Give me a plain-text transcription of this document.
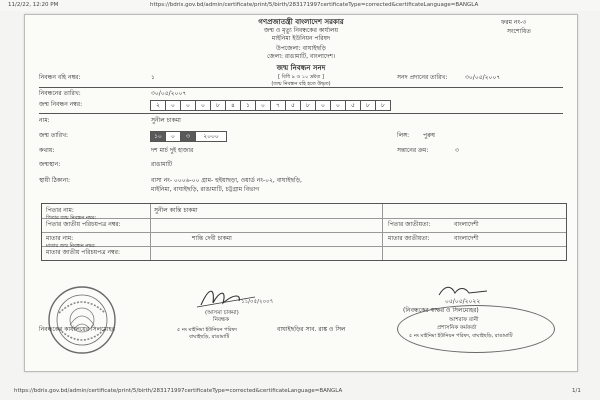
11/2/22, 12:20 PM	https://bdris.gov.bd/admin/certificate/print/5/birth/283171997certificateType=corrected&certificateLanguage=BANGLA
গণপ্রজাতন্ত্রী বাংলাদেশ সরকার
জন্ম ও মৃত্যু নিবন্ধকের কার্যালয়
মাইনিমা ইউনিয়ন পরিষদ
উপজেলা: বাঘাইছড়ি
জেলা: রাঙামাটি, বাংলাদেশ।
ফরম নং-৩
সংশোধিত
জন্ম নিবন্ধন সনদ
[ বিধি ৯ ও ১০ দ্রষ্টব্য ]
(জন্ম নিবন্ধন বহি হতে উদ্ধৃত)
নিবন্ধন বহি নম্বর:	১	সনদ প্রদানের তারিখ:	৩০/০৫/২০০৭
নিবন্ধনের তারিখ:	৩০/০৫/২০০৭
জন্ম নিবন্ধন নম্বর:	২	০	০	০	৮	৪	১	০	৭	৫	৮	০	০	৫	৮	৮
নাম:	সুনীল চাকমা
জন্ম তারিখ:	১০	০	৩	২০০০	লিঙ্গ: পুরুষ
কথায়:	দশ মার্চ দুই হাজার	সন্তানের ক্রম:	৩
জন্মস্থান:	রাঙামাটি
স্থায়ী ঠিকানা:	বাসা নং- ০০০৬-০০ গ্রাম- হুইয়াছড়া, ওয়ার্ড নং-০২, বাঘাইছড়ি,
মাইনিমা, বাঘাইছড়ি, রাঙামাটি, চট্টগ্রাম বিভাগ
পিতার নাম:	সুনীল কান্তি চাকমা
পিতার জন্ম নিবন্ধন নম্বর:
পিতার জাতীয় পরিচয়পত্র নম্বর:	পিতার জাতীয়তা:	বাংলাদেশী
মাতার নাম:	শান্তি দেবী চাকমা
মাতার জন্ম নিবন্ধন নম্বর:
মাতার জাতীয় পরিচয়পত্র নম্বর:
মাতার জাতীয়তা:	বাংলাদেশী
১১/০৫/২০০৭
(আসমা চাকমা)
নিবন্ধক
নিবন্ধকের কার্যালয়ের সিলমোহর	৫ নং মাইনিমা ইউনিয়ন পরিষদ
বাঘাইছড়ি, রাঙামাটি
বাঘাইছড়ির সাব. রাঙ্ক ও সিল
০৫/০৫/২০২২
(নিবন্ধকের স্বাক্ষর ও সিলমোহর)
আশরাফ রানী
প্রশাসনিক কর্মকর্তা
৫ নং মাইনিমা ইউনিয়ন পরিষদ, বাঘাইছড়ি, রাঙামাটি
https://bdris.gov.bd/admin/certificate/print/5/birth/283171997certificateType=corrected&certificateLanguage=BANGLA	1/1
